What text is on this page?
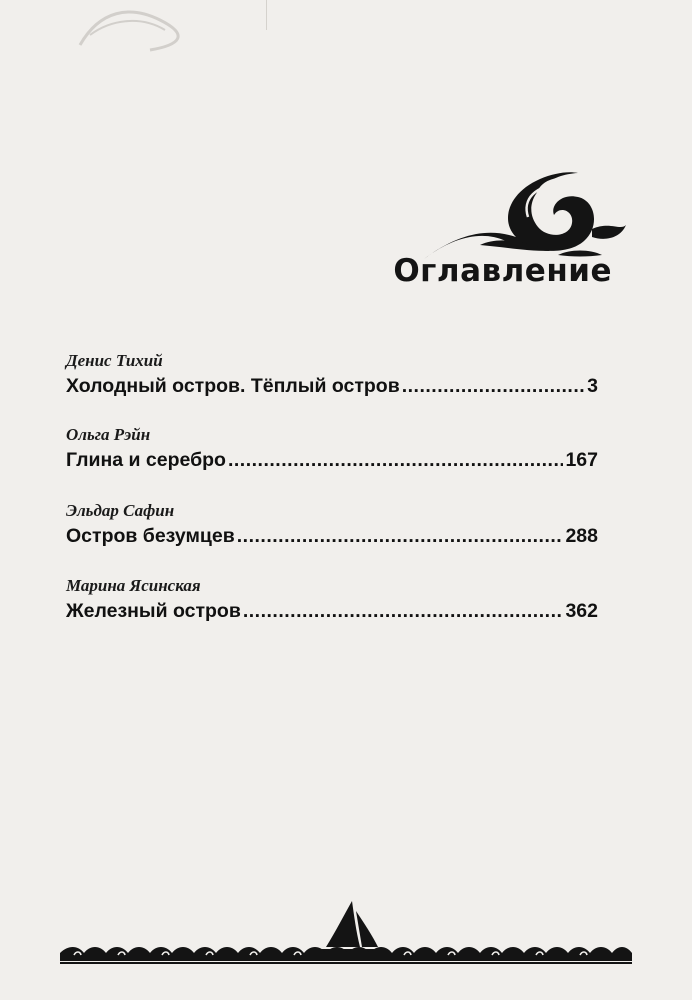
Оглавление
Денис Тихий
Холодный остров. Тёплый остров .....	3
Ольга Рэйн
Глина и серебро .....	167
Эльдар Сафин
Остров безумцев .....	288
Марина Ясинская
Железный остров .....	362
